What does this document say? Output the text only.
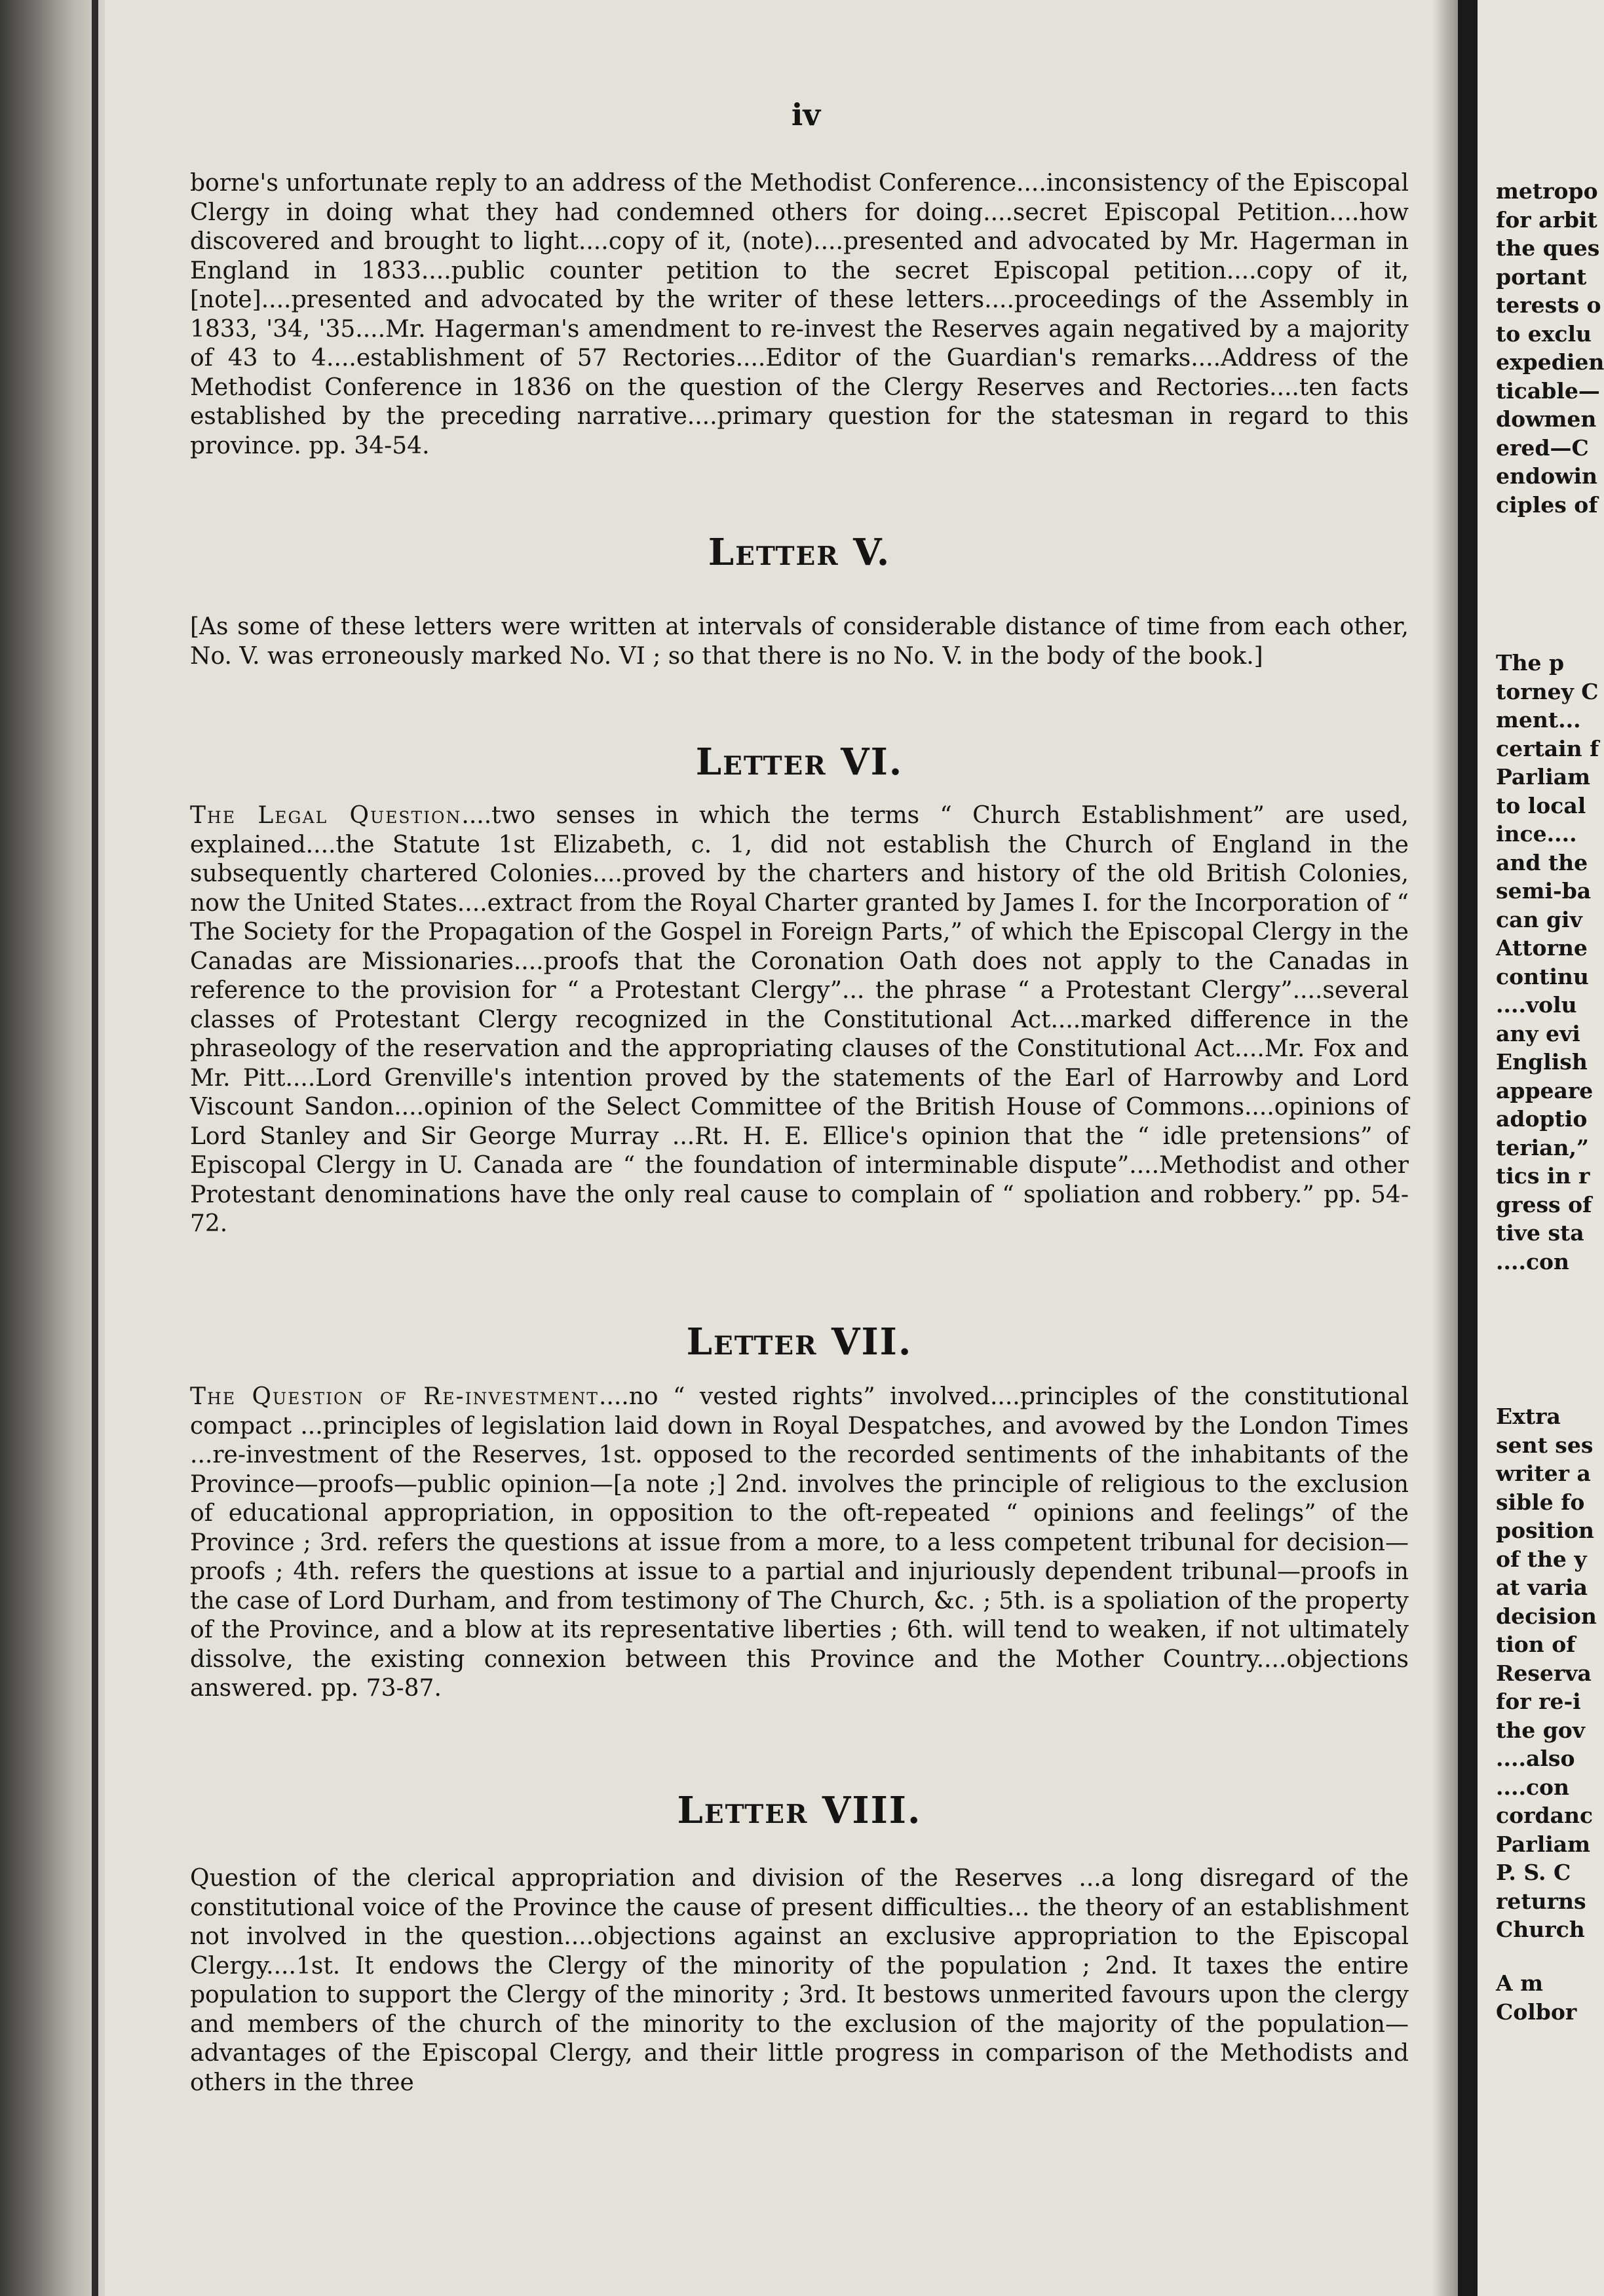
iv

borne's unfortunate reply to an address of the Methodist Conference....inconsistency of the Episcopal Clergy in doing what they had condemned others for doing....secret Episcopal Petition....how discovered and brought to light....copy of it, (note)....presented and advocated by Mr. Hagerman in England in 1833....public counter petition to the secret Episcopal petition....copy of it, [note]....presented and advocated by the writer of these letters....proceedings of the Assembly in 1833, '34, '35....Mr. Hagerman's amendment to re-invest the Reserves again negatived by a majority of 43 to 4....establishment of 57 Rectories....Editor of the Guardian's remarks....Address of the Methodist Conference in 1836 on the question of the Clergy Reserves and Rectories....ten facts established by the preceding narrative....primary question for the statesman in regard to this province. pp. 34-54.

Letter V.

[As some of these letters were written at intervals of considerable distance of time from each other, No. V. was erroneously marked No. VI ; so that there is no No. V. in the body of the book.]

Letter VI.

The Legal Question....two senses in which the terms “ Church Establishment” are used, explained....the Statute 1st Elizabeth, c. 1, did not establish the Church of England in the subsequently chartered Colonies....proved by the charters and history of the old British Colonies, now the United States....extract from the Royal Charter granted by James I. for the Incorporation of “ The Society for the Propagation of the Gospel in Foreign Parts,” of which the Episcopal Clergy in the Canadas are Missionaries....proofs that the Coronation Oath does not apply to the Canadas in reference to the provision for “ a Protestant Clergy”... the phrase “ a Protestant Clergy”....several classes of Protestant Clergy recognized in the Constitutional Act....marked difference in the phraseology of the reservation and the appropriating clauses of the Constitutional Act....Mr. Fox and Mr. Pitt....Lord Grenville's intention proved by the statements of the Earl of Harrowby and Lord Viscount Sandon....opinion of the Select Committee of the British House of Commons....opinions of Lord Stanley and Sir George Murray ...Rt. H. E. Ellice's opinion that the “ idle pretensions” of Episcopal Clergy in U. Canada are “ the foundation of interminable dispute”....Methodist and other Protestant denominations have the only real cause to complain of “ spoliation and robbery.” pp. 54-72.

Letter VII.

The Question of Re-investment....no “ vested rights” involved....principles of the constitutional compact ...principles of legislation laid down in Royal Despatches, and avowed by the London Times ...re-investment of the Reserves, 1st. opposed to the recorded sentiments of the inhabitants of the Province—proofs—public opinion—[a note ;] 2nd. involves the principle of religious to the exclusion of educational appropriation, in opposition to the oft-repeated “ opinions and feelings” of the Province ; 3rd. refers the questions at issue from a more, to a less competent tribunal for decision—proofs ; 4th. refers the questions at issue to a partial and injuriously dependent tribunal—proofs in the case of Lord Durham, and from testimony of The Church, &c. ; 5th. is a spoliation of the property of the Province, and a blow at its representative liberties ; 6th. will tend to weaken, if not ultimately dissolve, the existing connexion between this Province and the Mother Country....objections answered. pp. 73-87.

Letter VIII.

Question of the clerical appropriation and division of the Reserves ...a long disregard of the constitutional voice of the Province the cause of present difficulties... the theory of an establishment not involved in the question....objections against an exclusive appropriation to the Episcopal Clergy....1st. It endows the Clergy of the minority of the population ; 2nd. It taxes the entire population to support the Clergy of the minority ; 3rd. It bestows unmerited favours upon the clergy and members of the church of the minority to the exclusion of the majority of the population—advantages of the Episcopal Clergy, and their little progress in comparison of the Methodists and others in the three

metropo
for arbit
the ques
portant
terests o
to exclu
expedien
ticable—
dowmen
ered—C
endowin
ciples of
The p
torney C
ment...
certain f
Parliam
to local
ince....
and the
semi-ba
can giv
Attorne
continu
....volu
any evi
English
appeare
adoptio
terian,”
tics in r
gress of
tive sta
....con
Extra
sent ses
writer a
sible fo
position
of the y
at varia
decision
tion of
Reserva
for re-i
the gov
....also
....con
cordanc
Parliam
P. S. C
returns
Church
A m
Colbor
